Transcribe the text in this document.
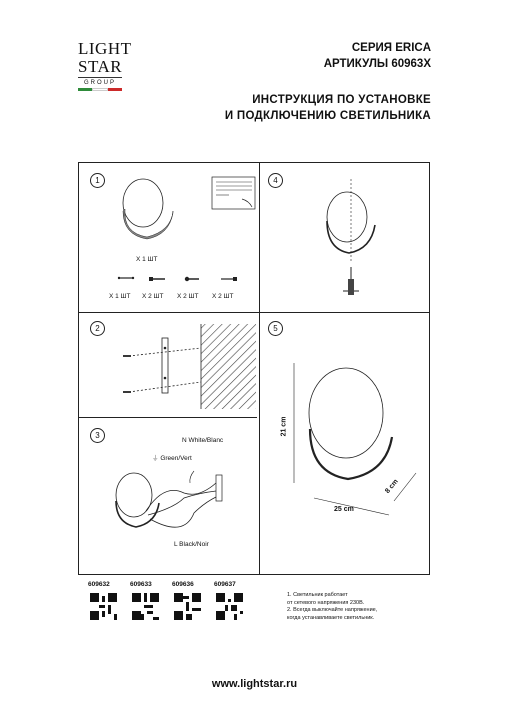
LIGHT
STAR
GROUP
СЕРИЯ ERICA
АРТИКУЛЫ 60963X
ИНСТРУКЦИЯ ПО УСТАНОВКЕ
И ПОДКЛЮЧЕНИЮ СВЕТИЛЬНИКА
1
X 1 ШТ
X 1 ШТ X 2 ШТ X 2 ШТ X 2 ШТ
2
3
N White/Blanc
⏚ Green/Vert
L Black/Noir
4
5
21 cm
25 cm
8 cm
609632	609633	609636	609637
1. Светильник работает
от сетевого напряжения 230В.
2. Всегда выключайте напряжение,
когда устанавливаете светильник.
www.lightstar.ru
